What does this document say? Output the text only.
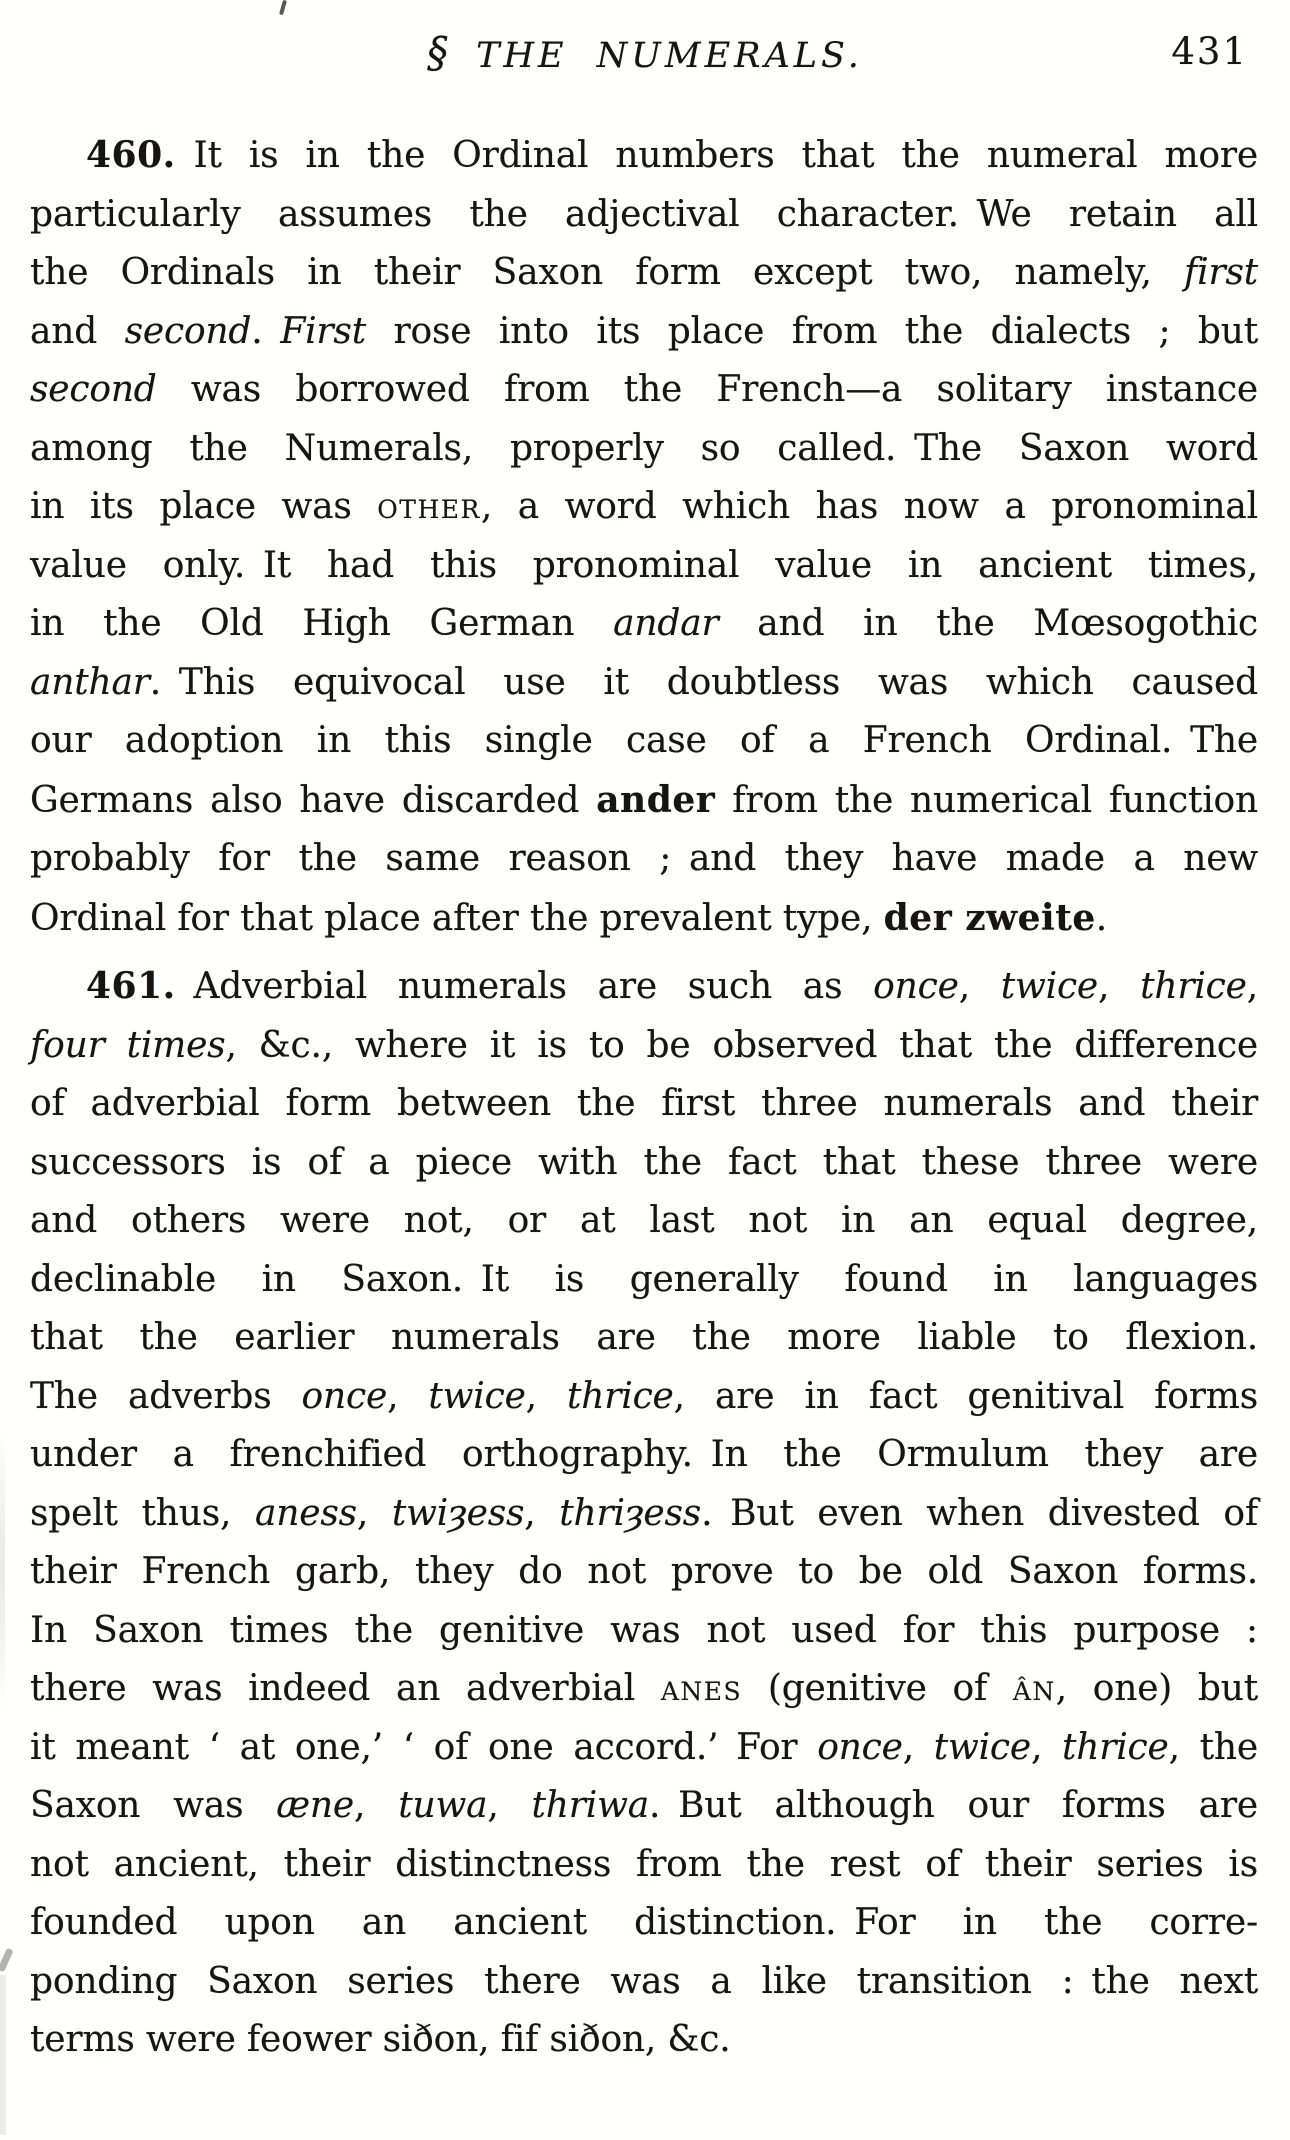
§ THE NUMERALS.	431
460. It is in the Ordinal numbers that the numeral more
particularly assumes the adjectival character. We retain all
the Ordinals in their Saxon form except two, namely, first
and second. First rose into its place from the dialects ; but
second was borrowed from the French—a solitary instance
among the Numerals, properly so called. The Saxon word
in its place was other, a word which has now a pronominal
value only. It had this pronominal value in ancient times,
in the Old High German andar and in the Mœsogothic
anthar. This equivocal use it doubtless was which caused
our adoption in this single case of a French Ordinal. The
Germans also have discarded ander from the numerical function
probably for the same reason ; and they have made a new
Ordinal for that place after the prevalent type, der zweite.
461. Adverbial numerals are such as once, twice, thrice,
four times, &c., where it is to be observed that the difference
of adverbial form between the first three numerals and their
successors is of a piece with the fact that these three were
and others were not, or at last not in an equal degree,
declinable in Saxon. It is generally found in languages
that the earlier numerals are the more liable to flexion.
The adverbs once, twice, thrice, are in fact genitival forms
under a frenchified orthography. In the Ormulum they are
spelt thus, aness, twiȝess, thriȝess. But even when divested of
their French garb, they do not prove to be old Saxon forms.
In Saxon times the genitive was not used for this purpose :
there was indeed an adverbial anes (genitive of ân, one) but
it meant ‘ at one,’ ‘ of one accord.’ For once, twice, thrice, the
Saxon was æne, tuwa, thriwa. But although our forms are
not ancient, their distinctness from the rest of their series is
founded upon an ancient distinction. For in the corre-
ponding Saxon series there was a like transition : the next
terms were feower siðon, fif siðon, &c.
